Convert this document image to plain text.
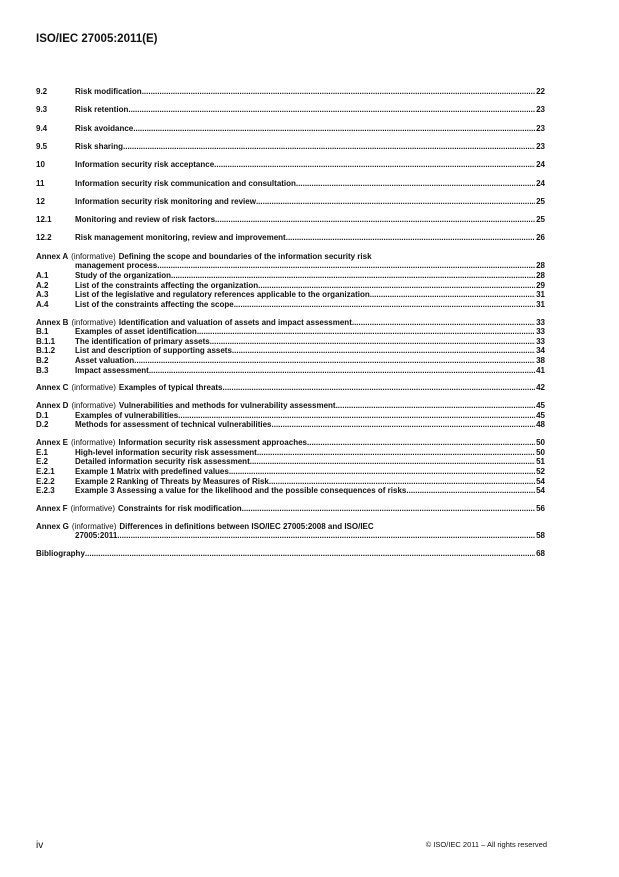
ISO/IEC 27005:2011(E)
9.2	Risk modification .....	22
9.3	Risk retention .....	23
9.4	Risk avoidance .....	23
9.5	Risk sharing .....	23
10	Information security risk acceptance .....	24
11	Information security risk communication and consultation .....	24
12	Information security risk monitoring and review .....	25
12.1	Monitoring and review of risk factors .....	25
12.2	Risk management monitoring, review and improvement .....	26
Annex A (informative) Defining the scope and boundaries of the information security risk
management process .....	28
A.1	Study of the organization .....	28
A.2	List of the constraints affecting the organization .....	29
A.3	List of the legislative and regulatory references applicable to the organization .....	31
A.4	List of the constraints affecting the scope .....	31
Annex B (informative) Identification and valuation of assets and impact assessment .....	33
B.1	Examples of asset identification .....	33
B.1.1	The identification of primary assets .....	33
B.1.2	List and description of supporting assets .....	34
B.2	Asset valuation .....	38
B.3	Impact assessment .....	41
Annex C (informative) Examples of typical threats .....	42
Annex D (informative) Vulnerabilities and methods for vulnerability assessment .....	45
D.1	Examples of vulnerabilities .....	45
D.2	Methods for assessment of technical vulnerabilities .....	48
Annex E (informative) Information security risk assessment approaches .....	50
E.1	High-level information security risk assessment .....	50
E.2	Detailed information security risk assessment .....	51
E.2.1	Example 1 Matrix with predefined values .....	52
E.2.2	Example 2 Ranking of Threats by Measures of Risk .....	54
E.2.3	Example 3 Assessing a value for the likelihood and the possible consequences of risks .....	54
Annex F (informative) Constraints for risk modification .....	56
Annex G (informative) Differences in definitions between ISO/IEC 27005:2008 and ISO/IEC
27005:2011 .....	58
Bibliography .....	68
iv	© ISO/IEC 2011 – All rights reserved
